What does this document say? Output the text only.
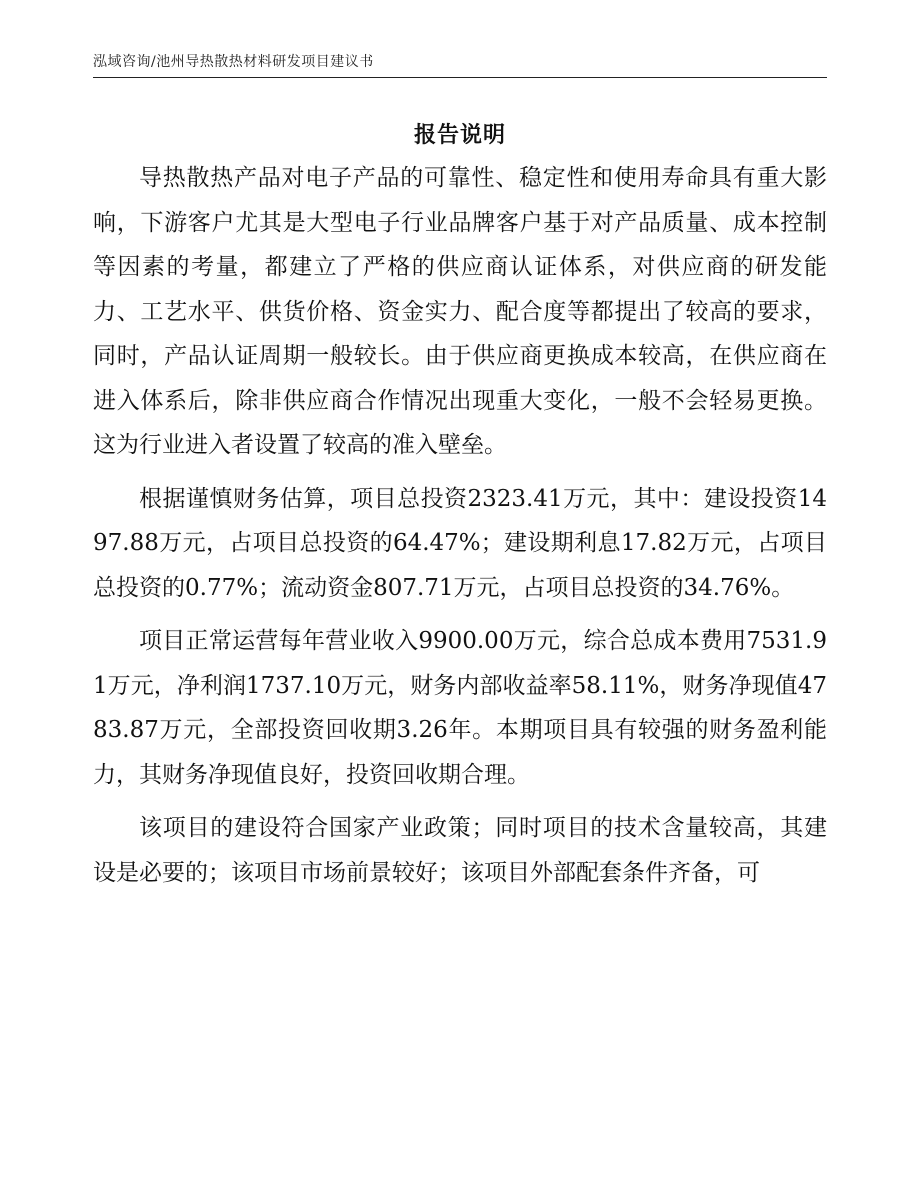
泓域咨询/池州导热散热材料研发项目建议书
报告说明

导热散热产品对电子产品的可靠性、稳定性和使用寿命具有重大影响，下游客户尤其是大型电子行业品牌客户基于对产品质量、成本控制等因素的考量，都建立了严格的供应商认证体系，对供应商的研发能力、工艺水平、供货价格、资金实力、配合度等都提出了较高的要求，同时，产品认证周期一般较长。由于供应商更换成本较高，在供应商在进入体系后，除非供应商合作情况出现重大变化，一般不会轻易更换。这为行业进入者设置了较高的准入壁垒。

根据谨慎财务估算，项目总投资2323.41万元，其中：建设投资1497.88万元，占项目总投资的64.47%；建设期利息17.82万元，占项目总投资的0.77%；流动资金807.71万元，占项目总投资的34.76%。

项目正常运营每年营业收入9900.00万元，综合总成本费用7531.91万元，净利润1737.10万元，财务内部收益率58.11%，财务净现值4783.87万元，全部投资回收期3.26年。本期项目具有较强的财务盈利能力，其财务净现值良好，投资回收期合理。

该项目的建设符合国家产业政策；同时项目的技术含量较高，其建设是必要的；该项目市场前景较好；该项目外部配套条件齐备，可
